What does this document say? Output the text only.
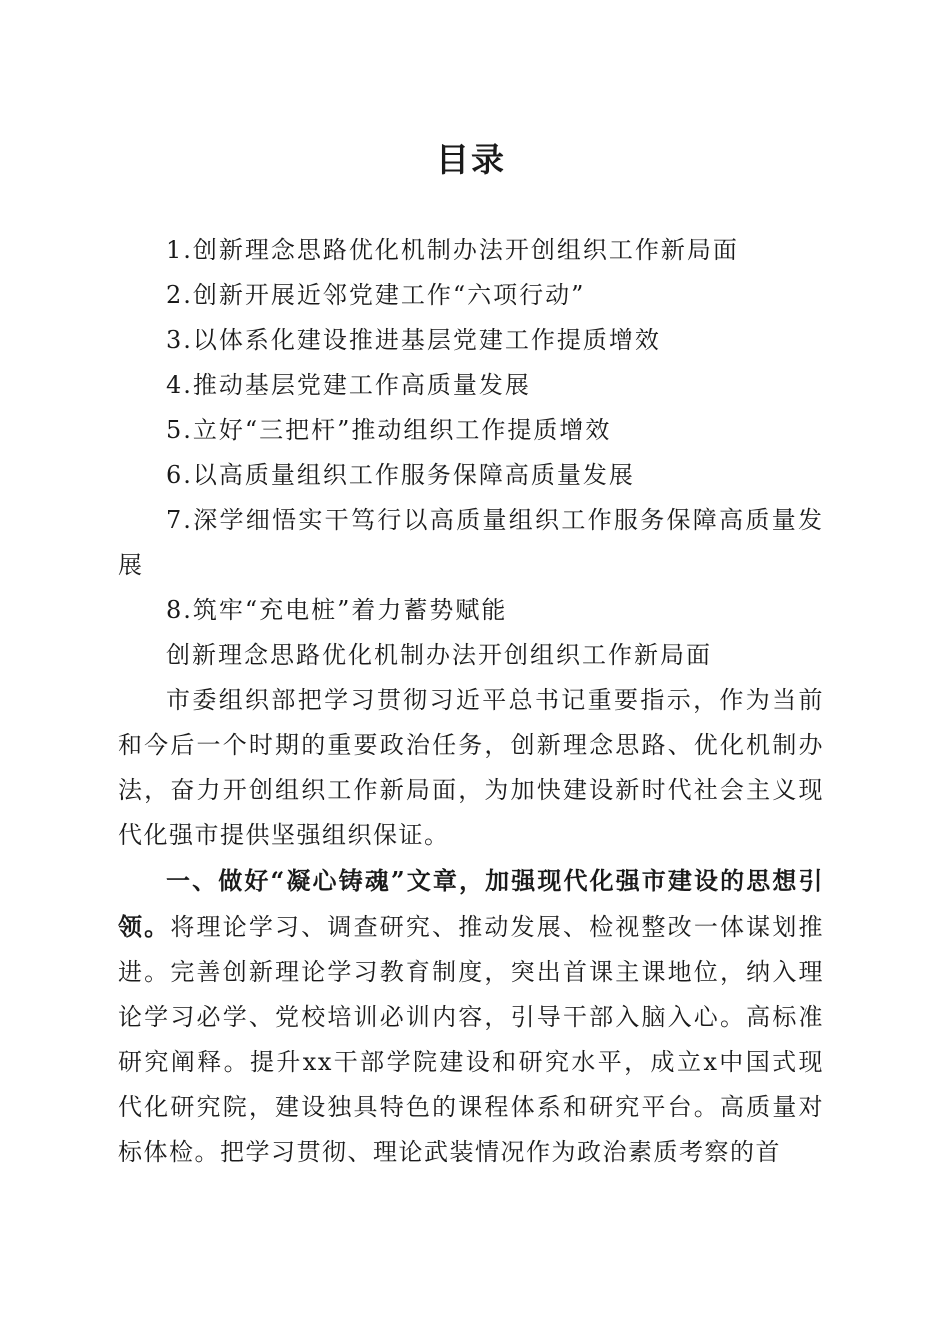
目录

1.创新理念思路优化机制办法开创组织工作新局面

2.创新开展近邻党建工作“六项行动”

3.以体系化建设推进基层党建工作提质增效

4.推动基层党建工作高质量发展

5.立好“三把杆”推动组织工作提质增效

6.以高质量组织工作服务保障高质量发展

7.深学细悟实干笃行以高质量组织工作服务保障高质量发展

8.筑牢“充电桩”着力蓄势赋能

创新理念思路优化机制办法开创组织工作新局面

市委组织部把学习贯彻习近平总书记重要指示，作为当前和今后一个时期的重要政治任务，创新理念思路、优化机制办法，奋力开创组织工作新局面，为加快建设新时代社会主义现代化强市提供坚强组织保证。

一、做好“凝心铸魂”文章，加强现代化强市建设的思想引领。将理论学习、调查研究、推动发展、检视整改一体谋划推进。完善创新理论学习教育制度，突出首课主课地位，纳入理论学习必学、党校培训必训内容，引导干部入脑入心。高标准研究阐释。提升xx干部学院建设和研究水平，成立x中国式现代化研究院，建设独具特色的课程体系和研究平台。高质量对标体检。把学习贯彻、理论武装情况作为政治素质考察的首
